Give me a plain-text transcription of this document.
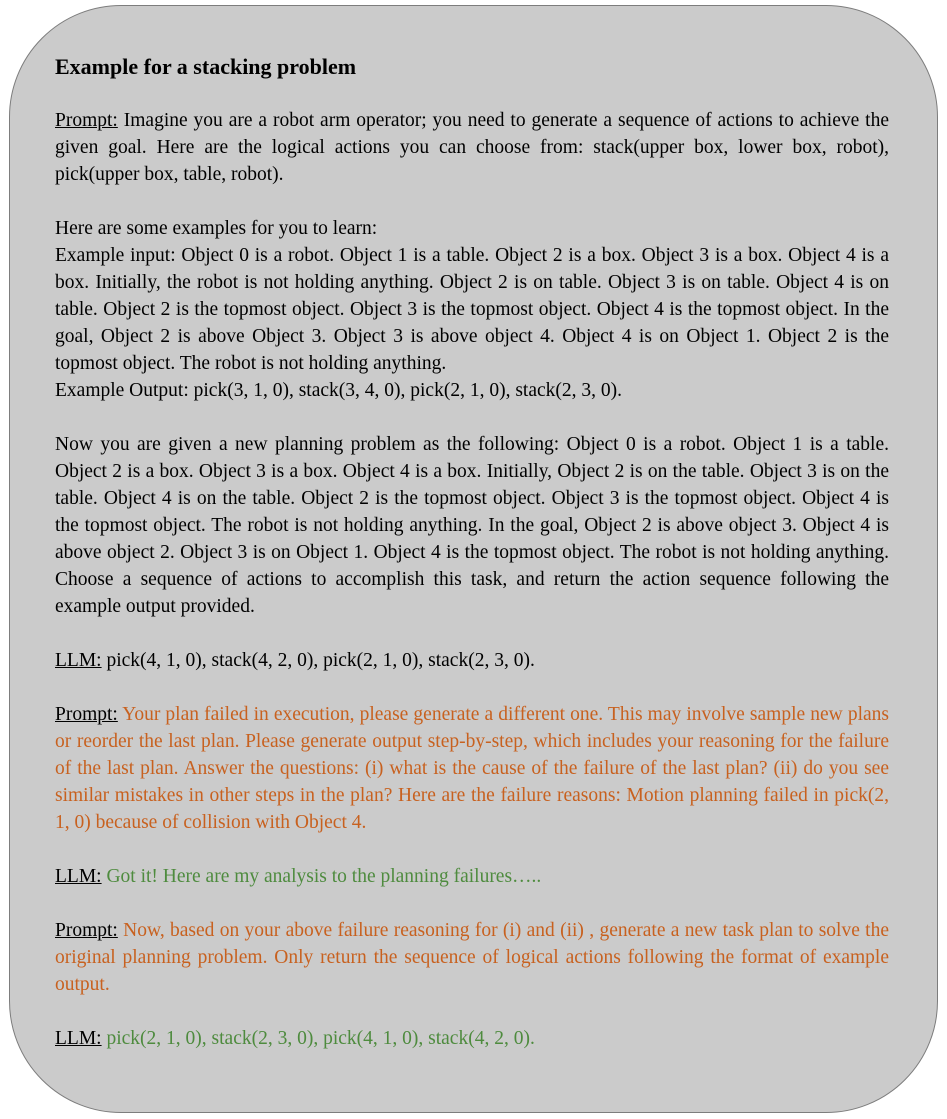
Example for a stacking problem

Prompt: Imagine you are a robot arm operator; you need to generate a sequence of actions to achieve the given goal. Here are the logical actions you can choose from: stack(upper box, lower box, robot), pick(upper box, table, robot).

Here are some examples for you to learn:

Example input: Object 0 is a robot. Object 1 is a table. Object 2 is a box. Object 3 is a box. Object 4 is a box. Initially, the robot is not holding anything. Object 2 is on table. Object 3 is on table. Object 4 is on table. Object 2 is the topmost object. Object 3 is the topmost object. Object 4 is the topmost object. In the goal, Object 2 is above Object 3. Object 3 is above object 4. Object 4 is on Object 1. Object 2 is the topmost object. The robot is not holding anything.

Example Output: pick(3, 1, 0), stack(3, 4, 0), pick(2, 1, 0), stack(2, 3, 0).

Now you are given a new planning problem as the following: Object 0 is a robot. Object 1 is a table. Object 2 is a box. Object 3 is a box. Object 4 is a box. Initially, Object 2 is on the table. Object 3 is on the table. Object 4 is on the table. Object 2 is the topmost object. Object 3 is the topmost object. Object 4 is the topmost object. The robot is not holding anything. In the goal, Object 2 is above object 3. Object 4 is above object 2. Object 3 is on Object 1. Object 4 is the topmost object. The robot is not holding anything. Choose a sequence of actions to accomplish this task, and return the action sequence following the example output provided.

LLM: pick(4, 1, 0), stack(4, 2, 0), pick(2, 1, 0), stack(2, 3, 0).

Prompt: Your plan failed in execution, please generate a different one. This may involve sample new plans or reorder the last plan. Please generate output step-by-step, which includes your reasoning for the failure of the last plan. Answer the questions: (i) what is the cause of the failure of the last plan? (ii) do you see similar mistakes in other steps in the plan? Here are the failure reasons: Motion planning failed in pick(2, 1, 0) because of collision with Object 4.

LLM: Got it! Here are my analysis to the planning failures…..

Prompt: Now, based on your above failure reasoning for (i) and (ii) , generate a new task plan to solve the original planning problem. Only return the sequence of logical actions following the format of example output.

LLM: pick(2, 1, 0), stack(2, 3, 0), pick(4, 1, 0), stack(4, 2, 0).
